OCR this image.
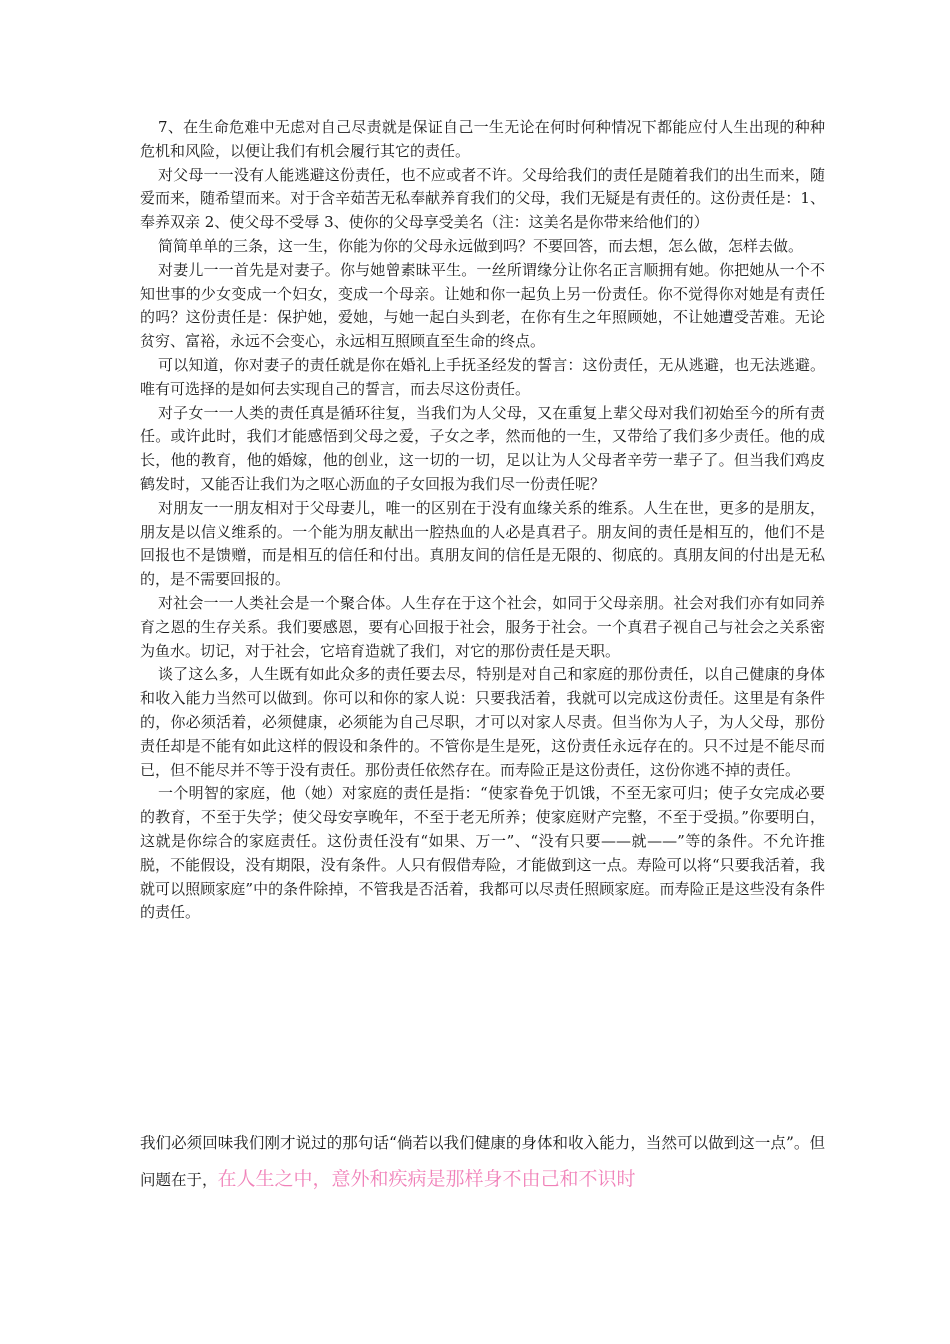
7、在生命危难中无虑对自己尽责就是保证自己一生无论在何时何种情况下都能应付人生出现的种种危机和风险，以便让我们有机会履行其它的责任。

对父母一一没有人能逃避这份责任，也不应或者不许。父母给我们的责任是随着我们的出生而来，随爱而来，随希望而来。对于含辛茹苦无私奉献养育我们的父母，我们无疑是有责任的。这份责任是：1、奉养双亲 2、使父母不受辱 3、使你的父母享受美名（注：这美名是你带来给他们的）

简简单单的三条，这一生，你能为你的父母永远做到吗？不要回答，而去想，怎么做，怎样去做。

对妻儿一一首先是对妻子。你与她曾素昧平生。一丝所谓缘分让你名正言顺拥有她。你把她从一个不知世事的少女变成一个妇女，变成一个母亲。让她和你一起负上另一份责任。你不觉得你对她是有责任的吗？这份责任是：保护她，爱她，与她一起白头到老，在你有生之年照顾她，不让她遭受苦难。无论贫穷、富裕，永远不会变心，永远相互照顾直至生命的终点。

可以知道，你对妻子的责任就是你在婚礼上手抚圣经发的誓言：这份责任，无从逃避，也无法逃避。唯有可选择的是如何去实现自己的誓言，而去尽这份责任。

对子女一一人类的责任真是循环往复，当我们为人父母，又在重复上辈父母对我们初始至今的所有责任。或许此时，我们才能感悟到父母之爱，子女之孝，然而他的一生，又带给了我们多少责任。他的成长，他的教育，他的婚嫁，他的创业，这一切的一切，足以让为人父母者辛劳一辈子了。但当我们鸡皮鹤发时，又能否让我们为之呕心沥血的子女回报为我们尽一份责任呢？

对朋友一一朋友相对于父母妻儿，唯一的区别在于没有血缘关系的维系。人生在世，更多的是朋友，朋友是以信义维系的。一个能为朋友献出一腔热血的人必是真君子。朋友间的责任是相互的，他们不是回报也不是馈赠，而是相互的信任和付出。真朋友间的信任是无限的、彻底的。真朋友间的付出是无私的，是不需要回报的。

对社会一一人类社会是一个聚合体。人生存在于这个社会，如同于父母亲朋。社会对我们亦有如同养育之恩的生存关系。我们要感恩，要有心回报于社会，服务于社会。一个真君子视自己与社会之关系密为鱼水。切记，对于社会，它培育造就了我们，对它的那份责任是天职。

谈了这么多，人生既有如此众多的责任要去尽，特别是对自己和家庭的那份责任，以自己健康的身体和收入能力当然可以做到。你可以和你的家人说：只要我活着，我就可以完成这份责任。这里是有条件的，你必须活着，必须健康，必须能为自己尽职，才可以对家人尽责。但当你为人子，为人父母，那份责任却是不能有如此这样的假设和条件的。不管你是生是死，这份责任永远存在的。只不过是不能尽而已，但不能尽并不等于没有责任。那份责任依然存在。而寿险正是这份责任，这份你逃不掉的责任。

一个明智的家庭，他（她）对家庭的责任是指：“使家眷免于饥饿，不至无家可归；使子女完成必要的教育，不至于失学；使父母安享晚年，不至于老无所养；使家庭财产完整，不至于受损。”你要明白，这就是你综合的家庭责任。这份责任没有“如果、万一”、“没有只要——就——”等的条件。不允许推脱，不能假设，没有期限，没有条件。人只有假借寿险，才能做到这一点。寿险可以将“只要我活着，我就可以照顾家庭”中的条件除掉，不管我是否活着，我都可以尽责任照顾家庭。而寿险正是这些没有条件的责任。

我们必须回味我们刚才说过的那句话“倘若以我们健康的身体和收入能力，当然可以做到这一点”。但问题在于，在人生之中，意外和疾病是那样身不由己和不识时
